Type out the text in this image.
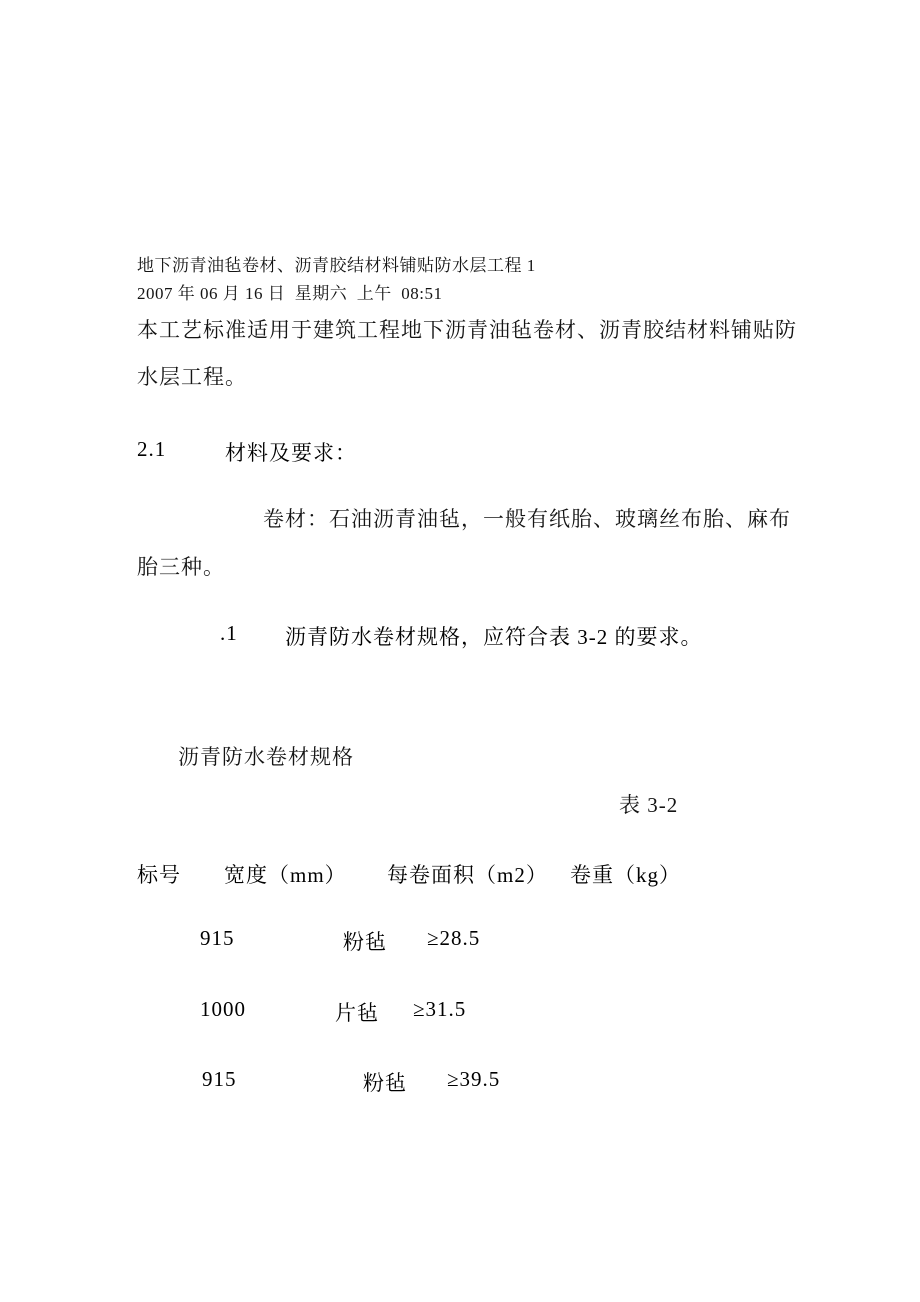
地下沥青油毡卷材、沥青胶结材料铺贴防水层工程 1
2007 年 06 月 16 日  星期六  上午  08:51
本工艺标准适用于建筑工程地下沥青油毡卷材、沥青胶结材料铺贴防
水层工程。
2.1	材料及要求：
卷材：石油沥青油毡，一般有纸胎、玻璃丝布胎、麻布
胎三种。
.1 沥青防水卷材规格，应符合表 3-2 的要求。
沥青防水卷材规格
表 3-2
标号 宽度（mm） 每卷面积（m2） 卷重（kg）
915	粉毡 ≥28.5
1000	片毡 ≥31.5
915	粉毡 ≥39.5
